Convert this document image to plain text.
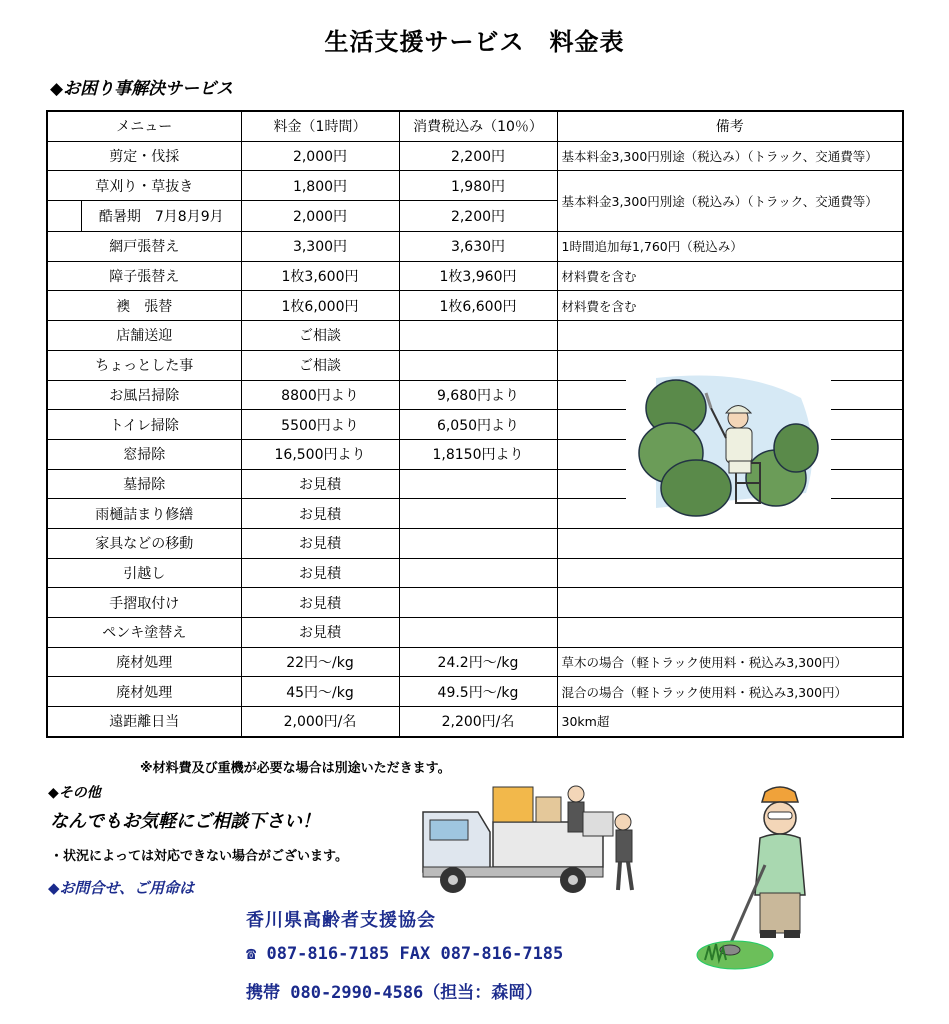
生活支援サービス　料金表
◆お困り事解決サービス
メニュー	料金（1時間）	消費税込み（10％）	備考
剪定・伐採	2,000円	2,200円	基本料金3,300円別途（税込み）（トラック、交通費等）
草刈り・草抜き	1,800円	1,980円	基本料金3,300円別途（税込み）（トラック、交通費等）

酷暑期　7月8月9月	2,000円	2,200円	
網戸張替え	3,300円	3,630円	1時間追加毎1,760円（税込み）
障子張替え	1枚3,600円	1枚3,960円	材料費を含む
襖　張替	1枚6,000円	1枚6,600円	材料費を含む
店舗送迎	ご相談		
ちょっとした事	ご相談		
お風呂掃除	8800円より	9,680円より	
トイレ掃除	5500円より	6,050円より	
窓掃除	16,500円より	1,8150円より	
墓掃除	お見積		
雨樋詰まり修繕	お見積		
家具などの移動	お見積		
引越し	お見積		
手摺取付け	お見積		
ペンキ塗替え	お見積		
廃材処理	22円～/kg	24.2円～/kg	草木の場合（軽トラック使用料・税込み3,300円）
廃材処理	45円～/kg	49.5円～/kg	混合の場合（軽トラック使用料・税込み3,300円）
遠距離日当	2,000円/名	2,200円/名	30km超
※材料費及び重機が必要な場合は別途いただきます。
◆その他
なんでもお気軽にご相談下さい！
・状況によっては対応できない場合がございます。
◆お問合せ、ご用命は
香川県高齢者支援協会
☎ 087-816-7185 FAX 087-816-7185
携帯 080-2990-4586（担当：森岡）
